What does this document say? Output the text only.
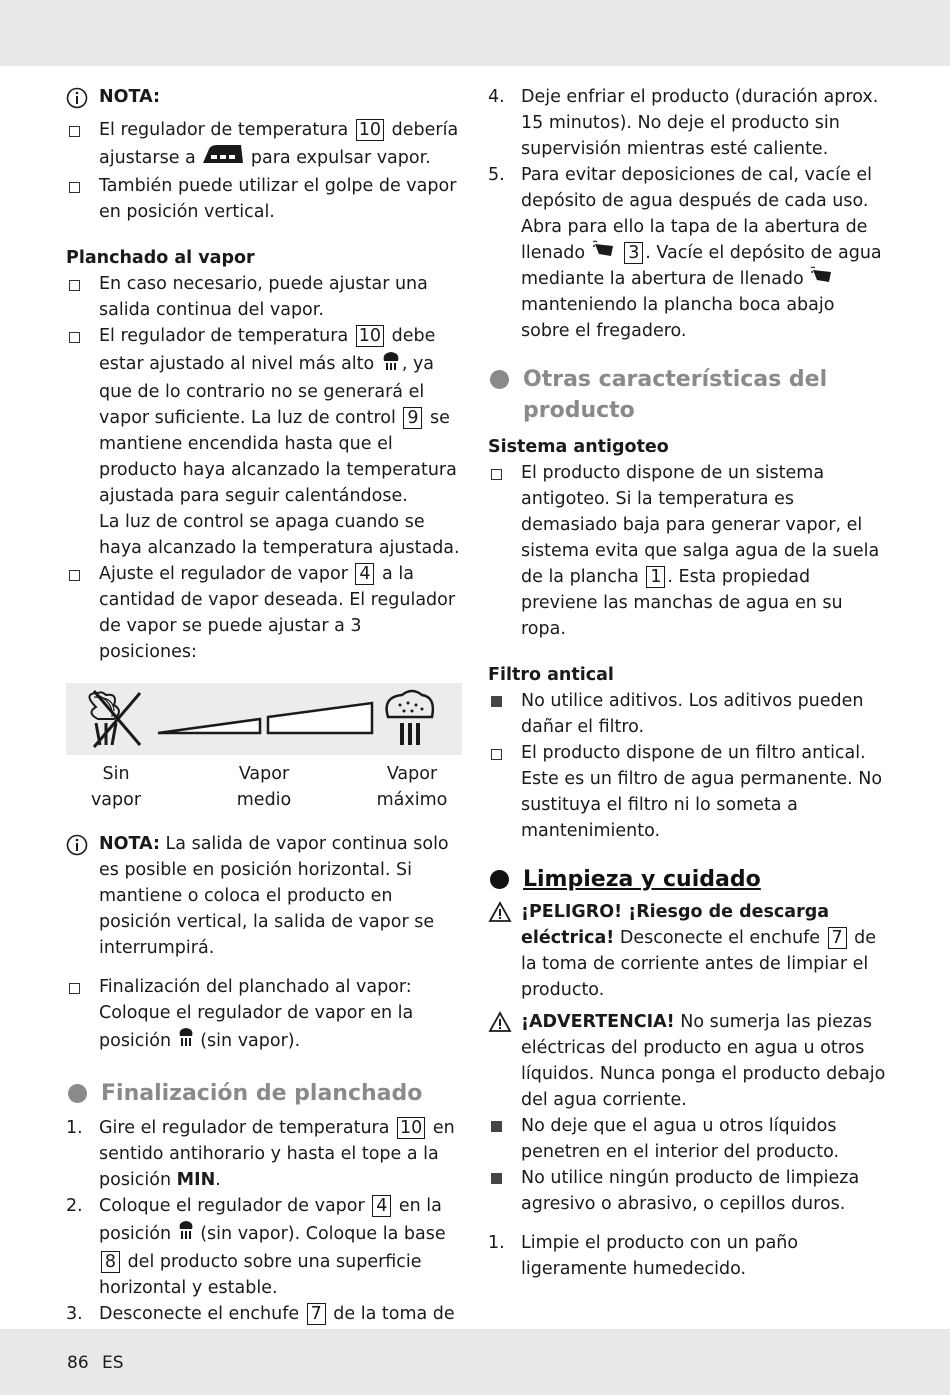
NOTA:
El regulador de temperatura 10 debería ajustarse a	para expulsar vapor.
También puede utilizar el golpe de vapor en posición vertical.
Planchado al vapor
En caso necesario, puede ajustar una salida continua del vapor.
El regulador de temperatura 10 debe estar ajustado al nivel más alto , ya que de lo contrario no se generará el vapor suficiente. La luz de control 9 se mantiene encendida hasta que el producto haya alcanzado la temperatura ajustada para seguir calentándose.
La luz de control se apaga cuando se haya alcanzado la temperatura ajustada.
Ajuste el regulador de vapor 4 a la cantidad de vapor deseada. El regulador de vapor se puede ajustar a 3 posiciones:
Sin
vapor
Vapor
medio
Vapor
máximo
NOTA: La salida de vapor continua solo es posible en posición horizontal. Si mantiene o coloca el producto en posición vertical, la salida de vapor se interrumpirá.
Finalización del planchado al vapor: Coloque el regulador de vapor en la posición (sin vapor).
Finalización de planchado
1. Gire el regulador de temperatura 10 en sentido antihorario y hasta el tope a la posición MIN.
2. Coloque el regulador de vapor 4 en la posición (sin vapor). Coloque la base 8 del producto sobre una superficie horizontal y estable.
3. Desconecte el enchufe 7 de la toma de
4. Deje enfriar el producto (duración aprox. 15 minutos). No deje el producto sin supervisión mientras esté caliente.
5. Para evitar deposiciones de cal, vacíe el depósito de agua después de cada uso. Abra para ello la tapa de la abertura de llenado 3 . Vacíe el depósito de agua mediante la abertura de llenado  manteniendo la plancha boca abajo sobre el fregadero.
Otras características del producto
Sistema antigoteo
El producto dispone de un sistema antigoteo. Si la temperatura es demasiado baja para generar vapor, el sistema evita que salga agua de la suela de la plancha 1 . Esta propiedad previene las manchas de agua en su ropa.
Filtro antical
No utilice aditivos. Los aditivos pueden dañar el filtro.
El producto dispone de un filtro antical. Este es un filtro de agua permanente. No sustituya el filtro ni lo someta a mantenimiento.
Limpieza y cuidado
¡PELIGRO! ¡Riesgo de descarga eléctrica! Desconecte el enchufe 7 de la toma de corriente antes de limpiar el producto.
¡ADVERTENCIA! No sumerja las piezas eléctricas del producto en agua u otros líquidos. Nunca ponga el producto debajo del agua corriente.
No deje que el agua u otros líquidos penetren en el interior del producto.
No utilice ningún producto de limpieza agresivo o abrasivo, o cepillos duros.
1. Limpie el producto con un paño ligeramente humedecido.
86 ES
